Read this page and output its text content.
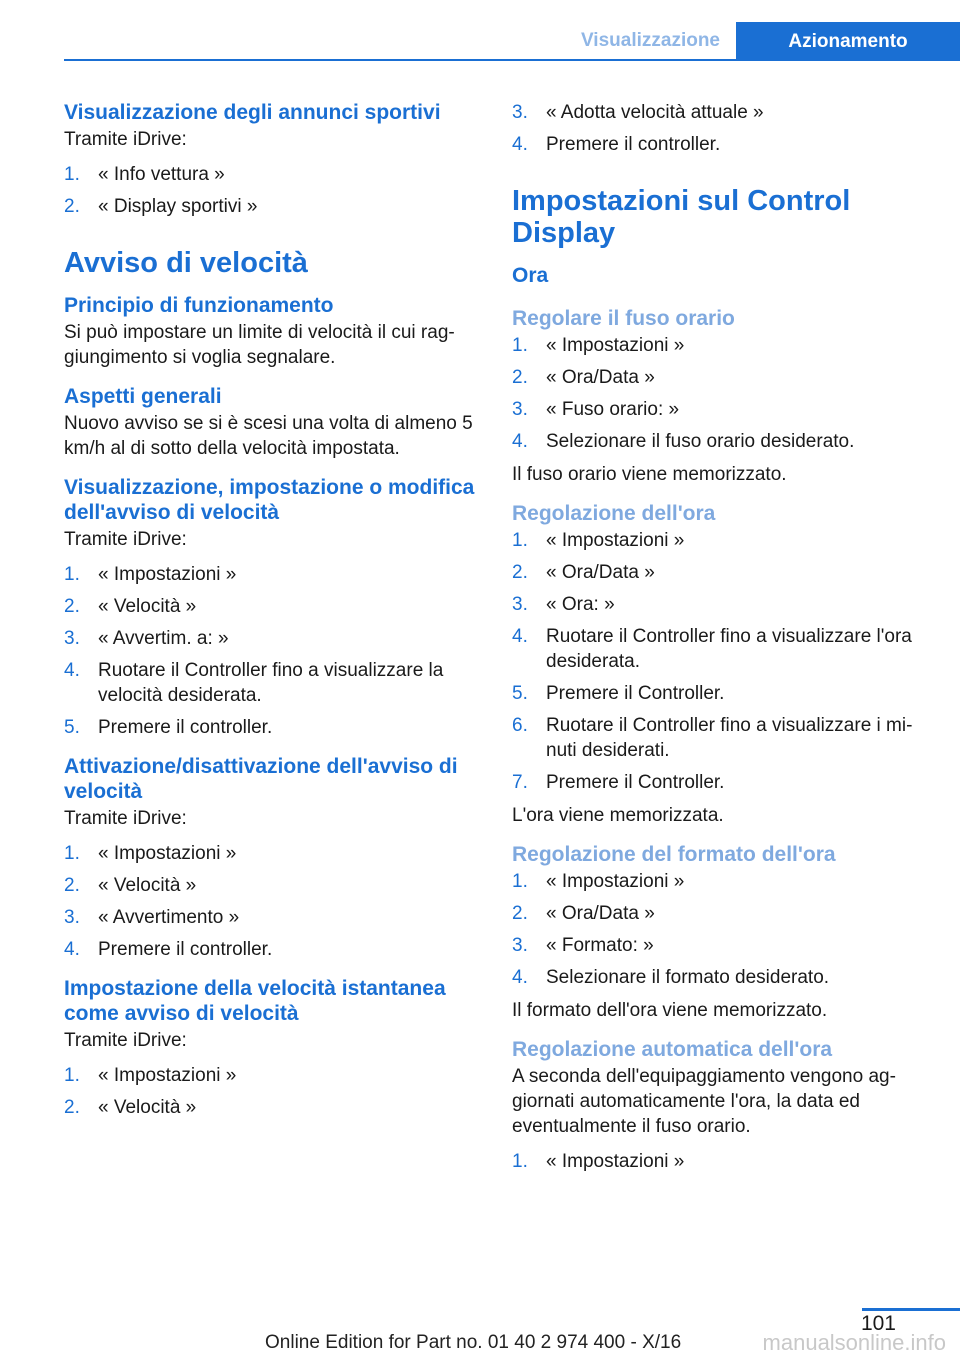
Visualizzazione	Azionamento
Visualizzazione degli annunci sportivi

Tramite iDrive:

1. « Info vettura »
2. « Display sportivi »
Avviso di velocità
Principio di funzionamento

Si può impostare un limite di velocità il cui rag‐giungimento si voglia segnalare.

Aspetti generali

Nuovo avviso se si è scesi una volta di almeno 5 km/h al di sotto della velocità impostata.

Visualizzazione, impostazione o modifica dell'avviso di velocità

Tramite iDrive:

1. « Impostazioni »
2. « Velocità »
3. « Avvertim. a: »
4. Ruotare il Controller fino a visualizzare la velocità desiderata.
5. Premere il controller.
Attivazione/disattivazione dell'avviso di velocità

Tramite iDrive:

1. « Impostazioni »
2. « Velocità »
3. « Avvertimento »
4. Premere il controller.
Impostazione della velocità istantanea come avviso di velocità

Tramite iDrive:

1. « Impostazioni »
2. « Velocità »
3. « Adotta velocità attuale »
4. Premere il controller.
Impostazioni sul Control Display
Ora
Regolare il fuso orario
1. « Impostazioni »
2. « Ora/Data »
3. « Fuso orario: »
4. Selezionare il fuso orario desiderato.

Il fuso orario viene memorizzato.

Regolazione dell'ora
1. « Impostazioni »
2. « Ora/Data »
3. « Ora: »
4. Ruotare il Controller fino a visualizzare l'ora desiderata.
5. Premere il Controller.
6. Ruotare il Controller fino a visualizzare i mi‐nuti desiderati.
7. Premere il Controller.

L'ora viene memorizzata.

Regolazione del formato dell'ora
1. « Impostazioni »
2. « Ora/Data »
3. « Formato: »
4. Selezionare il formato desiderato.

Il formato dell'ora viene memorizzato.

Regolazione automatica dell'ora

A seconda dell'equipaggiamento vengono ag‐giornati automaticamente l'ora, la data ed eventualmente il fuso orario.

1. « Impostazioni »
101
Online Edition for Part no. 01 40 2 974 400 - X/16	manualsonline.info
